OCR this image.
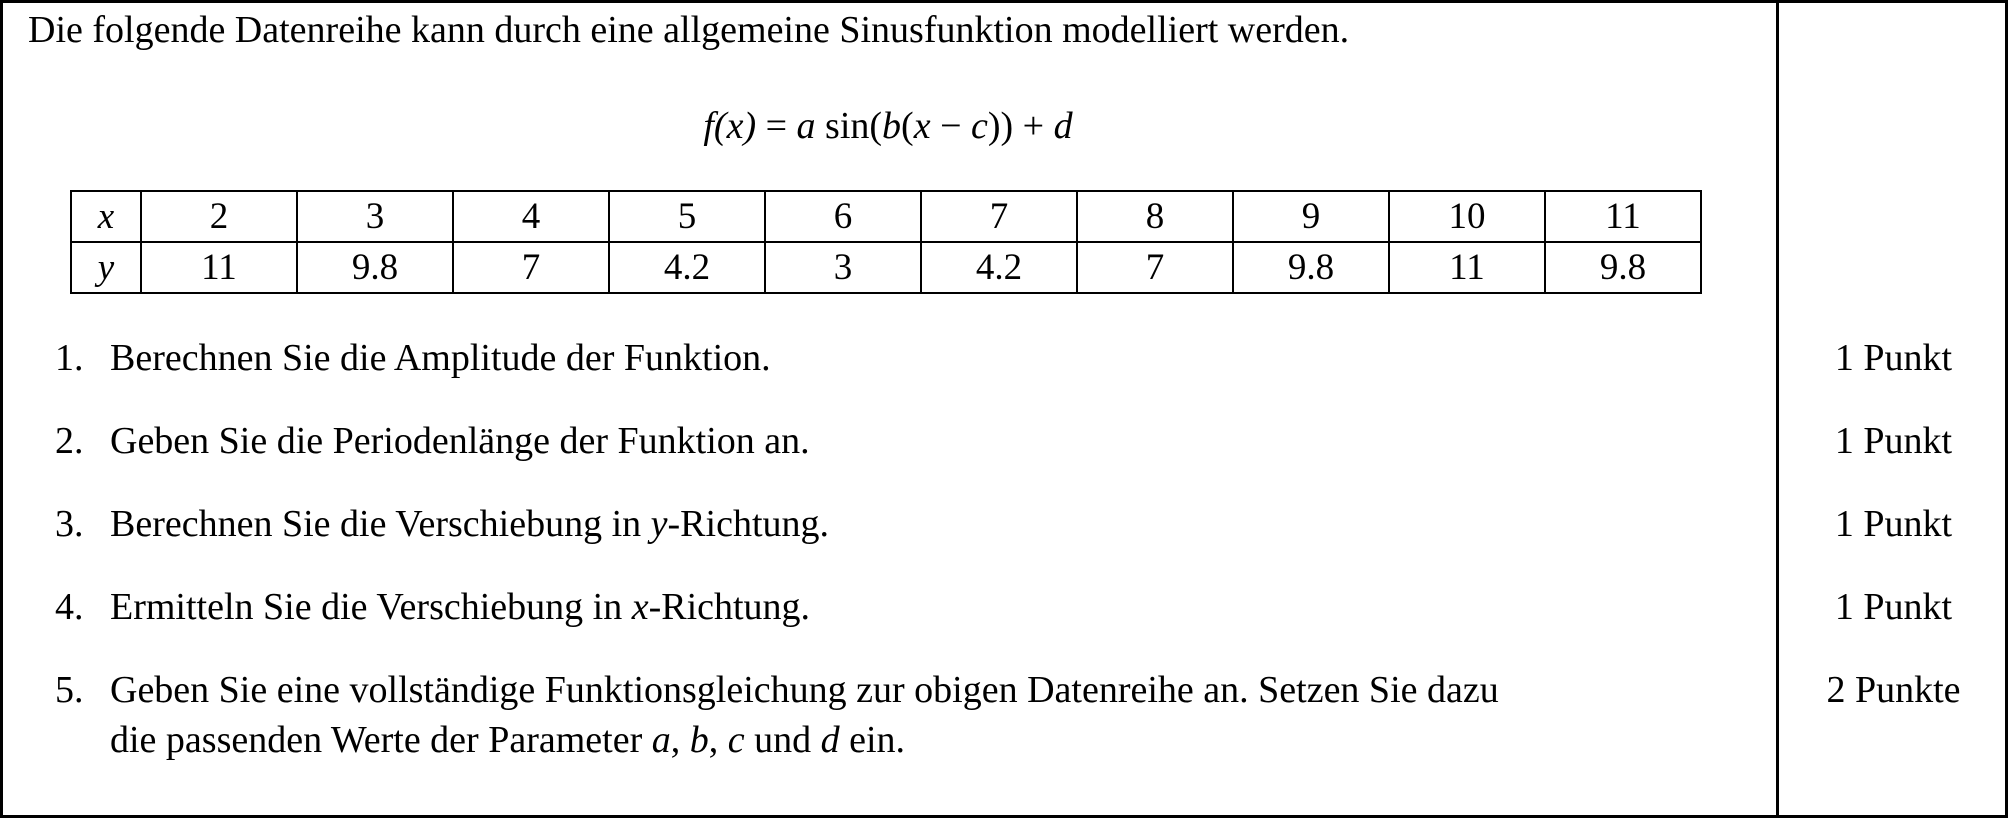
Die folgende Datenreihe kann durch eine allgemeine Sinusfunktion modelliert werden.
f(x) = a sin(b(x − c)) + d
x	2	3	4	5	6	7	8	9	10	11
y	11	9.8	7	4.2	3	4.2	7	9.8	11	9.8
1. Berechnen Sie die Amplitude der Funktion.	1 Punkt
2. Geben Sie die Periodenlänge der Funktion an.	1 Punkt
3. Berechnen Sie die Verschiebung in y-Richtung.	1 Punkt
4. Ermitteln Sie die Verschiebung in x-Richtung.	1 Punkt
5. Geben Sie eine vollständige Funktionsgleichung zur obigen Datenreihe an. Setzen Sie dazu
die passenden Werte der Parameter a, b, c und d ein.
2 Punkte
